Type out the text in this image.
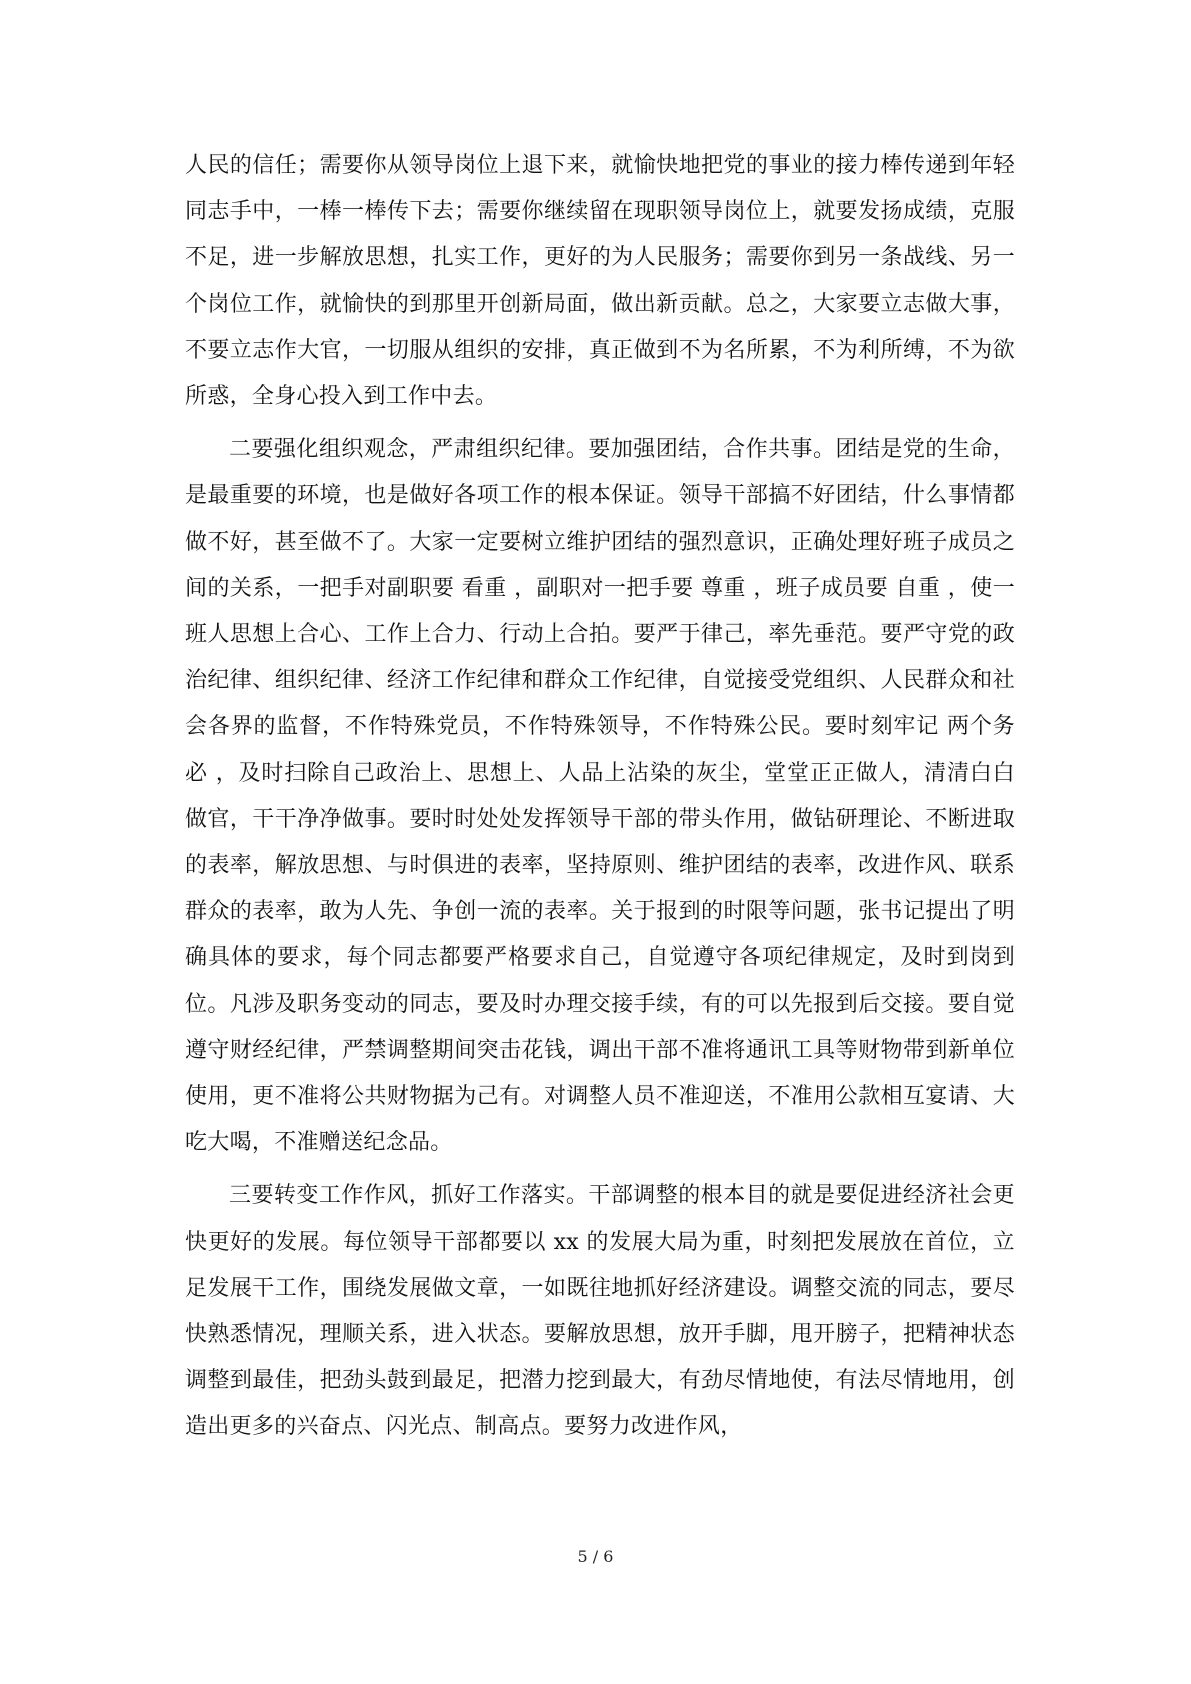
人民的信任；需要你从领导岗位上退下来，就愉快地把党的事业的接力棒传递到年轻同志手中，一棒一棒传下去；需要你继续留在现职领导岗位上，就要发扬成绩，克服不足，进一步解放思想，扎实工作，更好的为人民服务；需要你到另一条战线、另一个岗位工作，就愉快的到那里开创新局面，做出新贡献。总之，大家要立志做大事，不要立志作大官，一切服从组织的安排，真正做到不为名所累，不为利所缚，不为欲所惑，全身心投入到工作中去。

二要强化组织观念，严肃组织纪律。要加强团结，合作共事。团结是党的生命，是最重要的环境，也是做好各项工作的根本保证。领导干部搞不好团结，什么事情都做不好，甚至做不了。大家一定要树立维护团结的强烈意识，正确处理好班子成员之间的关系，一把手对副职要 看重 ，副职对一把手要 尊重 ，班子成员要 自重 ，使一班人思想上合心、工作上合力、行动上合拍。要严于律己，率先垂范。要严守党的政治纪律、组织纪律、经济工作纪律和群众工作纪律，自觉接受党组织、人民群众和社会各界的监督，不作特殊党员，不作特殊领导，不作特殊公民。要时刻牢记 两个务必 ，及时扫除自己政治上、思想上、人品上沾染的灰尘，堂堂正正做人，清清白白做官，干干净净做事。要时时处处发挥领导干部的带头作用，做钻研理论、不断进取的表率，解放思想、与时俱进的表率，坚持原则、维护团结的表率，改进作风、联系群众的表率，敢为人先、争创一流的表率。关于报到的时限等问题，张书记提出了明确具体的要求，每个同志都要严格要求自己，自觉遵守各项纪律规定，及时到岗到位。凡涉及职务变动的同志，要及时办理交接手续，有的可以先报到后交接。要自觉遵守财经纪律，严禁调整期间突击花钱，调出干部不准将通讯工具等财物带到新单位使用，更不准将公共财物据为己有。对调整人员不准迎送，不准用公款相互宴请、大吃大喝，不准赠送纪念品。

三要转变工作作风，抓好工作落实。干部调整的根本目的就是要促进经济社会更快更好的发展。每位领导干部都要以 xx 的发展大局为重，时刻把发展放在首位，立足发展干工作，围绕发展做文章，一如既往地抓好经济建设。调整交流的同志，要尽快熟悉情况，理顺关系，进入状态。要解放思想，放开手脚，甩开膀子，把精神状态调整到最佳，把劲头鼓到最足，把潜力挖到最大，有劲尽情地使，有法尽情地用，创造出更多的兴奋点、闪光点、制高点。要努力改进作风，

5 / 6
